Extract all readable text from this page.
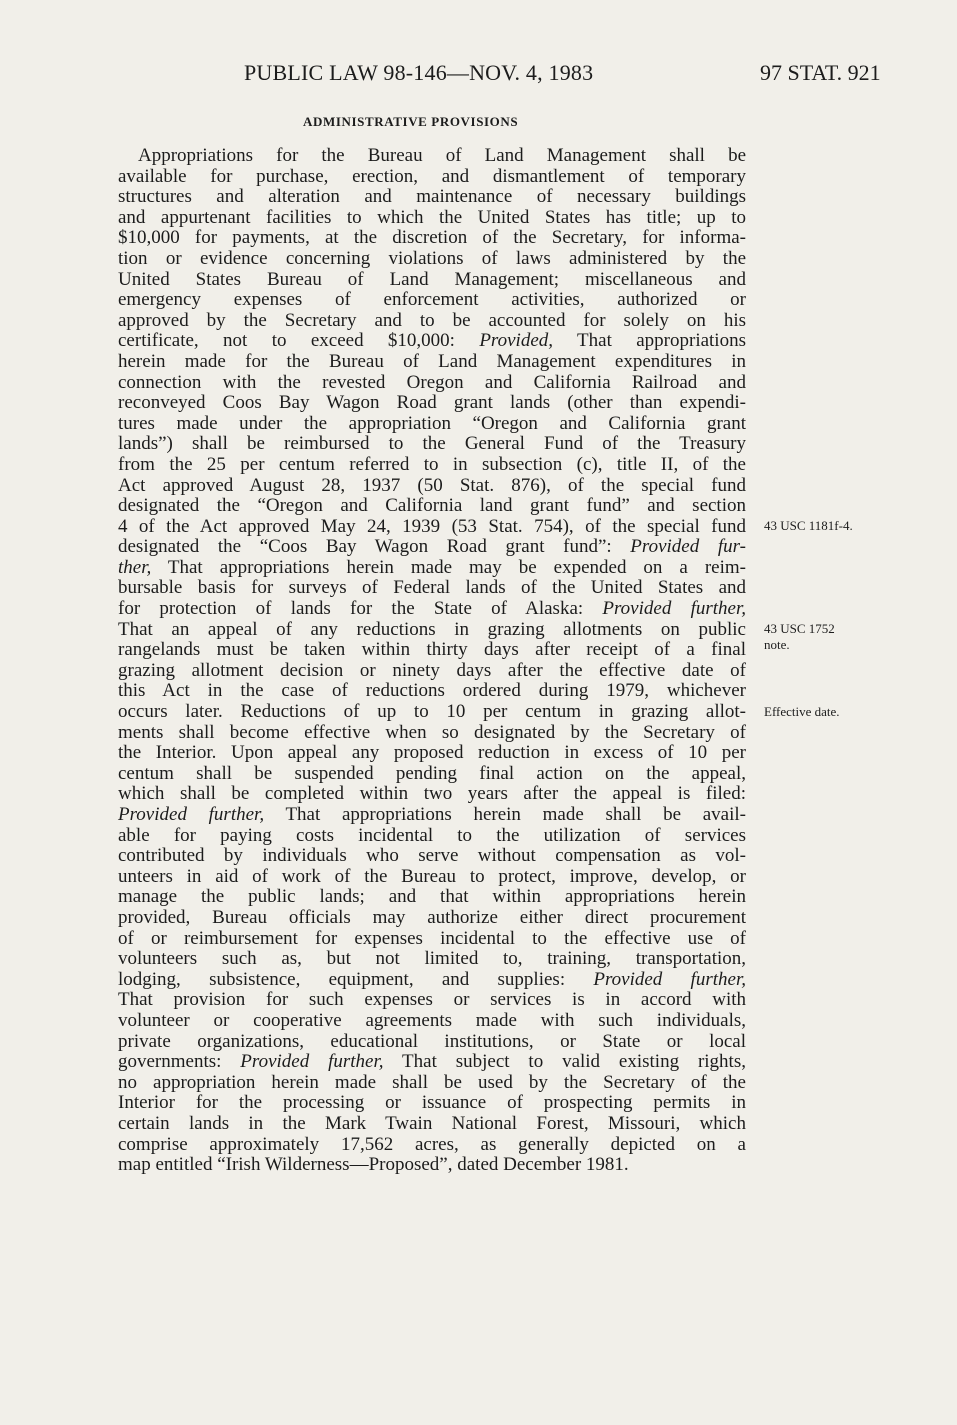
PUBLIC LAW 98-146—NOV. 4, 1983	97 STAT. 921
ADMINISTRATIVE PROVISIONS
Appropriations for the Bureau of Land Management shall be
available for purchase, erection, and dismantlement of temporary
structures and alteration and maintenance of necessary buildings
and appurtenant facilities to which the United States has title; up to
$10,000 for payments, at the discretion of the Secretary, for informa-
tion or evidence concerning violations of laws administered by the
United States Bureau of Land Management; miscellaneous and
emergency expenses of enforcement activities, authorized or
approved by the Secretary and to be accounted for solely on his
certificate, not to exceed $10,000: Provided, That appropriations
herein made for the Bureau of Land Management expenditures in
connection with the revested Oregon and California Railroad and
reconveyed Coos Bay Wagon Road grant lands (other than expendi-
tures made under the appropriation “Oregon and California grant
lands”) shall be reimbursed to the General Fund of the Treasury
from the 25 per centum referred to in subsection (c), title II, of the
Act approved August 28, 1937 (50 Stat. 876), of the special fund
designated the “Oregon and California land grant fund” and section
4 of the Act approved May 24, 1939 (53 Stat. 754), of the special fund
designated the “Coos Bay Wagon Road grant fund”: Provided fur-
ther, That appropriations herein made may be expended on a reim-
bursable basis for surveys of Federal lands of the United States and
for protection of lands for the State of Alaska: Provided further,
That an appeal of any reductions in grazing allotments on public
rangelands must be taken within thirty days after receipt of a final
grazing allotment decision or ninety days after the effective date of
this Act in the case of reductions ordered during 1979, whichever
occurs later. Reductions of up to 10 per centum in grazing allot-
ments shall become effective when so designated by the Secretary of
the Interior. Upon appeal any proposed reduction in excess of 10 per
centum shall be suspended pending final action on the appeal,
which shall be completed within two years after the appeal is filed:
Provided further, That appropriations herein made shall be avail-
able for paying costs incidental to the utilization of services
contributed by individuals who serve without compensation as vol-
unteers in aid of work of the Bureau to protect, improve, develop, or
manage the public lands; and that within appropriations herein
provided, Bureau officials may authorize either direct procurement
of or reimbursement for expenses incidental to the effective use of
volunteers such as, but not limited to, training, transportation,
lodging, subsistence, equipment, and supplies: Provided further,
That provision for such expenses or services is in accord with
volunteer or cooperative agreements made with such individuals,
private organizations, educational institutions, or State or local
governments: Provided further, That subject to valid existing rights,
no appropriation herein made shall be used by the Secretary of the
Interior for the processing or issuance of prospecting permits in
certain lands in the Mark Twain National Forest, Missouri, which
comprise approximately 17,562 acres, as generally depicted on a
map entitled “Irish Wilderness—Proposed”, dated December 1981.
43 USC 1181f-4.
43 USC 1752
note.
Effective date.
